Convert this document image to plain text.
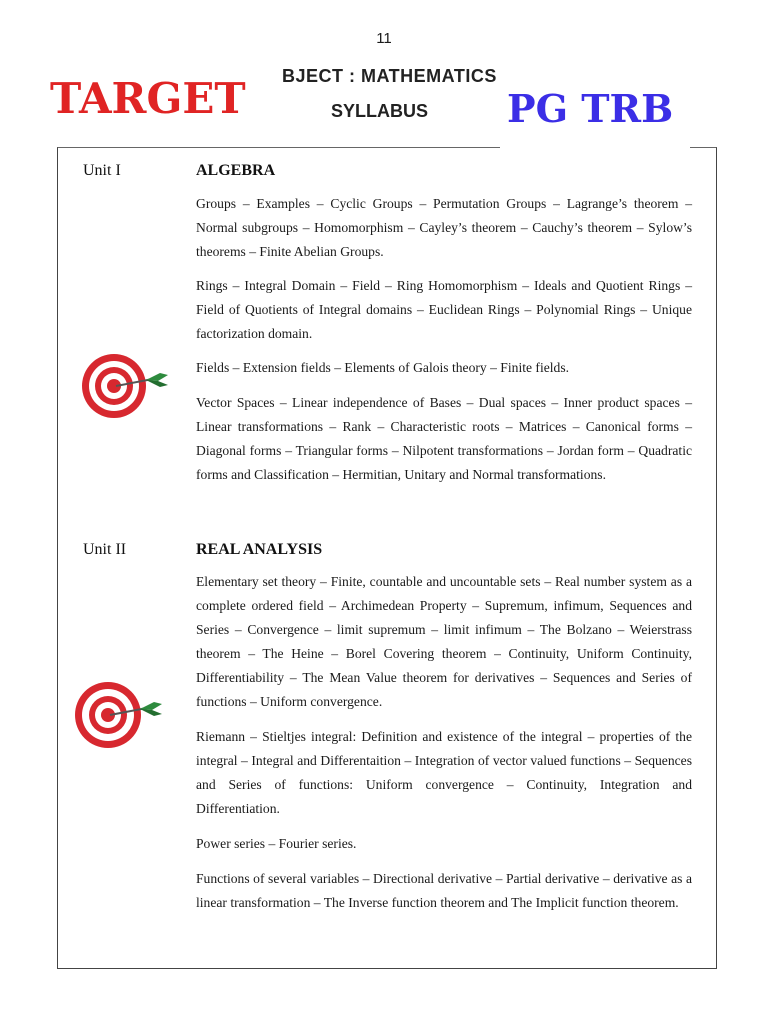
11
TARGET BJECT : MATHEMATICS
SYLLABUS PG TRB
Unit I	ALGEBRA
Groups – Examples – Cyclic Groups – Permutation Groups – Lagrange’s theorem – Normal subgroups – Homomorphism – Cayley’s theorem – Cauchy’s theorem – Sylow’s theorems – Finite Abelian Groups.
Rings – Integral Domain – Field – Ring Homomorphism – Ideals and Quotient Rings – Field of Quotients of Integral domains – Euclidean Rings – Polynomial Rings – Unique factorization domain.
Fields – Extension fields – Elements of Galois theory – Finite fields.
Vector Spaces – Linear independence of Bases – Dual spaces – Inner product spaces – Linear transformations – Rank – Characteristic roots – Matrices – Canonical forms – Diagonal forms – Triangular forms – Nilpotent transformations – Jordan form – Quadratic forms and Classification – Hermitian, Unitary and Normal transformations.
Unit II	REAL ANALYSIS
Elementary set theory – Finite, countable and uncountable sets – Real number system as a complete ordered field – Archimedean Property – Supremum, infimum, Sequences and Series – Convergence – limit supremum – limit infimum – The Bolzano – Weierstrass theorem – The Heine – Borel Covering theorem – Continuity, Uniform Continuity, Differentiability – The Mean Value theorem for derivatives – Sequences and Series of functions – Uniform convergence.
Riemann – Stieltjes integral: Definition and existence of the integral – properties of the integral – Integral and Differentaition – Integration of vector valued functions – Sequences and Series of functions: Uniform convergence – Continuity, Integration and Differentiation.
Power series – Fourier series.
Functions of several variables – Directional derivative – Partial derivative – derivative as a linear transformation – The Inverse function theorem and The Implicit function theorem.
